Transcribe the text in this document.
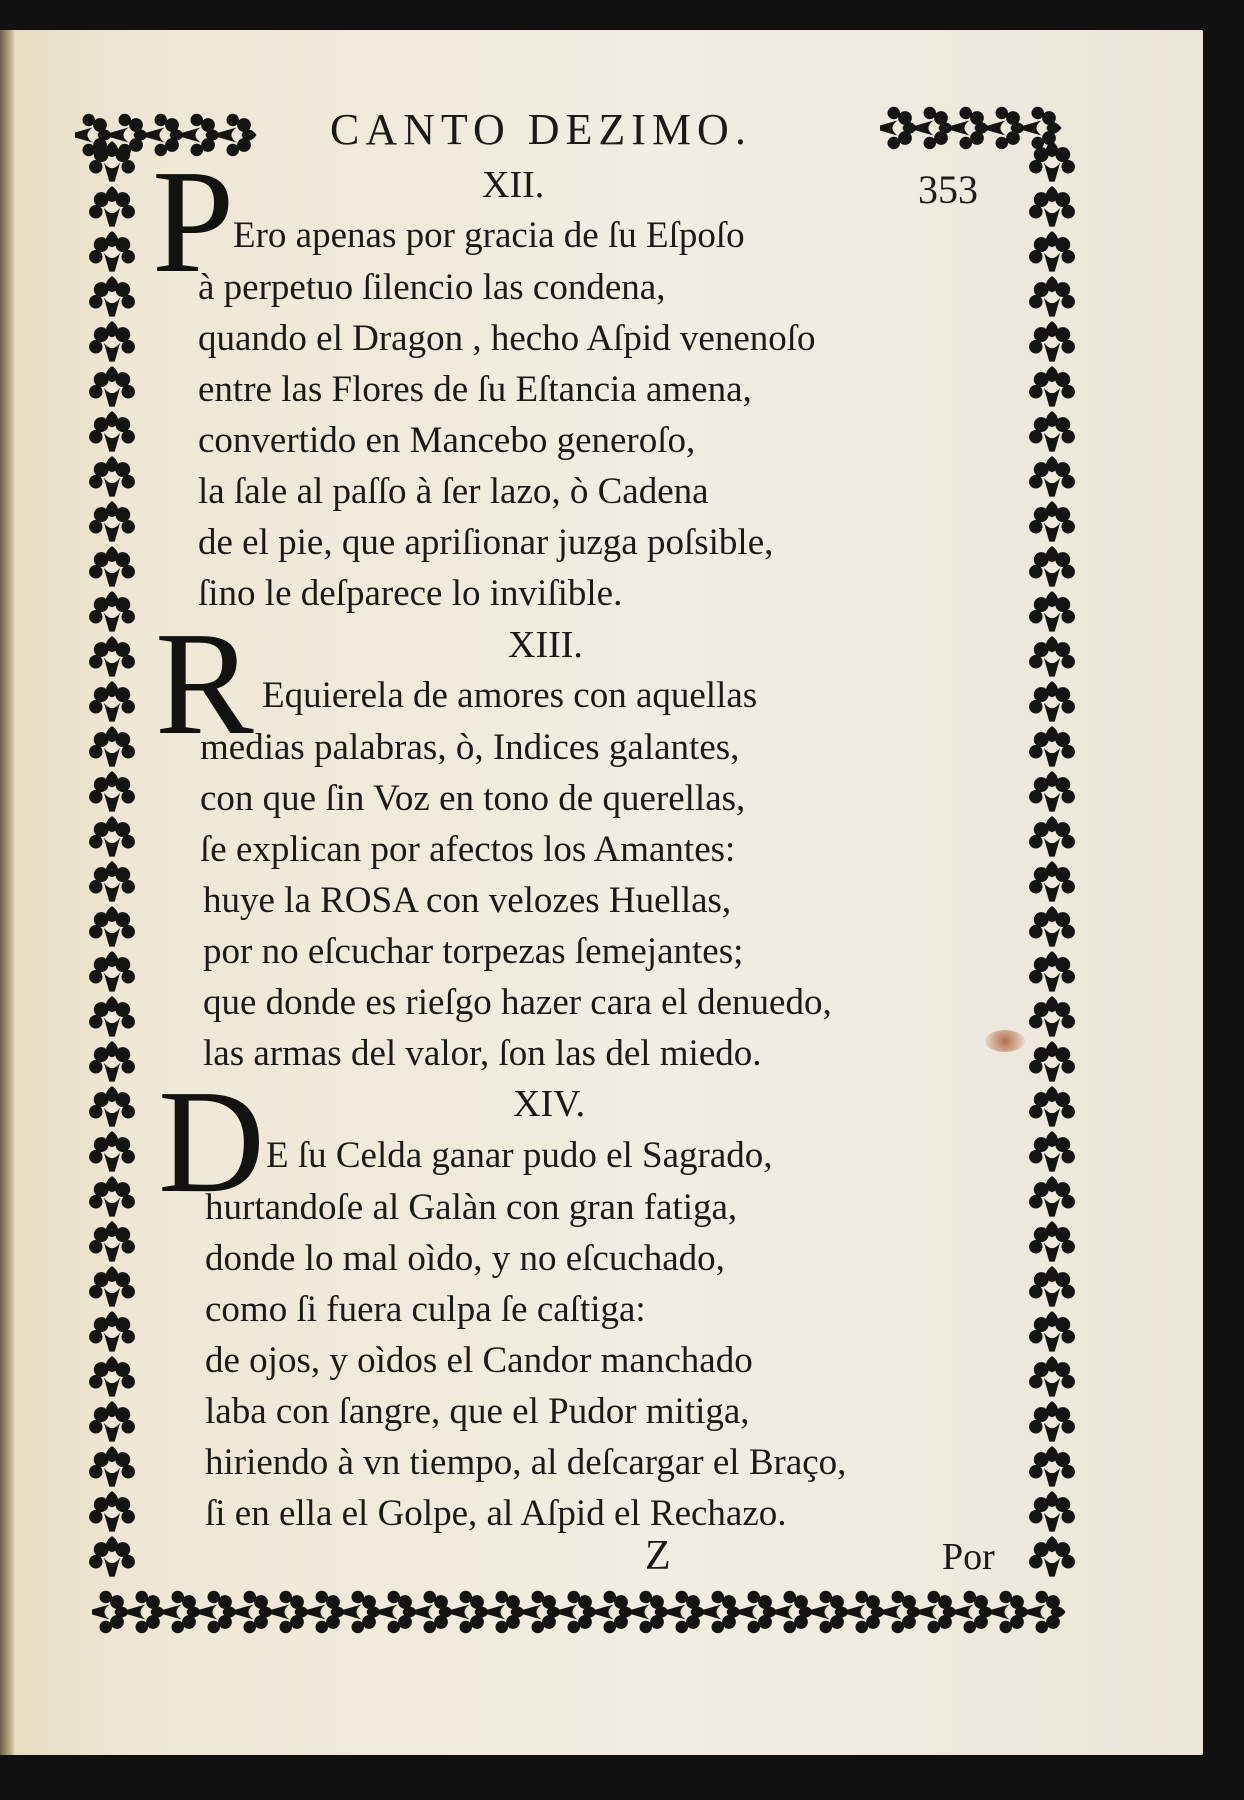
CANTO DEZIMO.
353
XII.
P
Ero apenas por gracia de ſu Eſpoſo
à perpetuo ſilencio las condena,
quando el Dragon , hecho Aſpid venenoſo
entre las Flores de ſu Eſtancia amena,
convertido en Mancebo generoſo,
la ſale al paſſo à ſer lazo, ò Cadena
de el pie, que apriſionar juzga poſsible,
ſino le deſparece lo inviſible.
XIII.
R Equierela de amores con aquellas
medias palabras, ò, Indices galantes,
con que ſin Voz en tono de querellas,
ſe explican por afectos los Amantes:
huye la ROSA con velozes Huellas,
por no eſcuchar torpezas ſemejantes;
que donde es rieſgo hazer cara el denuedo,
las armas del valor, ſon las del miedo.
XIV.
D E ſu Celda ganar pudo el Sagrado,
hurtandoſe al Galàn con gran fatiga,
donde lo mal oìdo, y no eſcuchado,
como ſi fuera culpa ſe caſtiga:
de ojos, y oìdos el Candor manchado
laba con ſangre, que el Pudor mitiga,
hiriendo à vn tiempo, al deſcargar el Braço,
ſi en ella el Golpe, al Aſpid el Rechazo.
Z	Por
